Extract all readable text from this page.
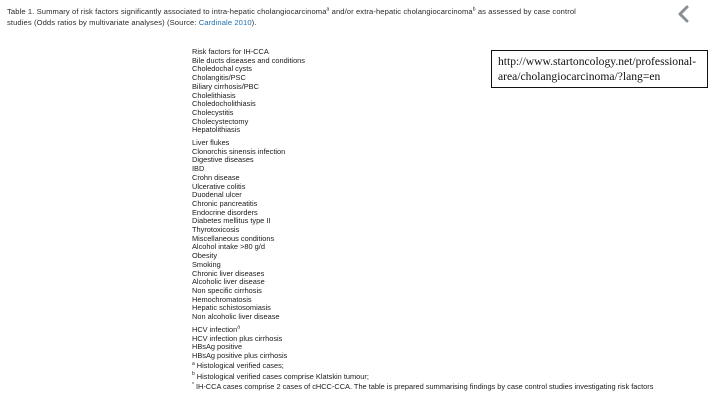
Table 1. Summary of risk factors significantly associated to intra-hepatic cholangiocarcinoma$^a$ and/or extra-hepatic cholangiocarcinoma$^b$ as assessed by case control
studies (Odds ratios by multivariate analyses) (Source: Cardinale 2010).
http://www.startoncology.net/professional-area/cholangiocarcinoma/?lang=en
Risk factors for IH-CCA
Bile ducts diseases and conditions
Choledochal cysts
Cholangitis/PSC
Biliary cirrhosis/PBC
Cholelithiasis
Choledocholithiasis
Cholecystitis
Cholecystectomy
Hepatolithiasis
Liver flukes
Clonorchis sinensis infection
Digestive diseases
IBD
Crohn disease
Ulcerative colitis
Duodenal ulcer
Chronic pancreatitis
Endocrine disorders
Diabetes mellitus type II
Thyrotoxicosis
Miscellaneous conditions
Alcohol intake >80 g/d
Obesity
Smoking
Chronic liver diseases
Alcoholic liver disease
Non specific cirrhosis
Hemochromatosis
Hepatic schistosomiasis
Non alcoholic liver disease
HCV infection$^a$
HCV infection plus cirrhosis
HBsAg positive
HBsAg positive plus cirrhosis
$^a$ Histological verified cases;
$^b$ Histological verified cases comprise Klatskin tumour;
* IH-CCA cases comprise 2 cases of cHCC-CCA. The table is prepared summarising findings by case control studies investigating risk factors
